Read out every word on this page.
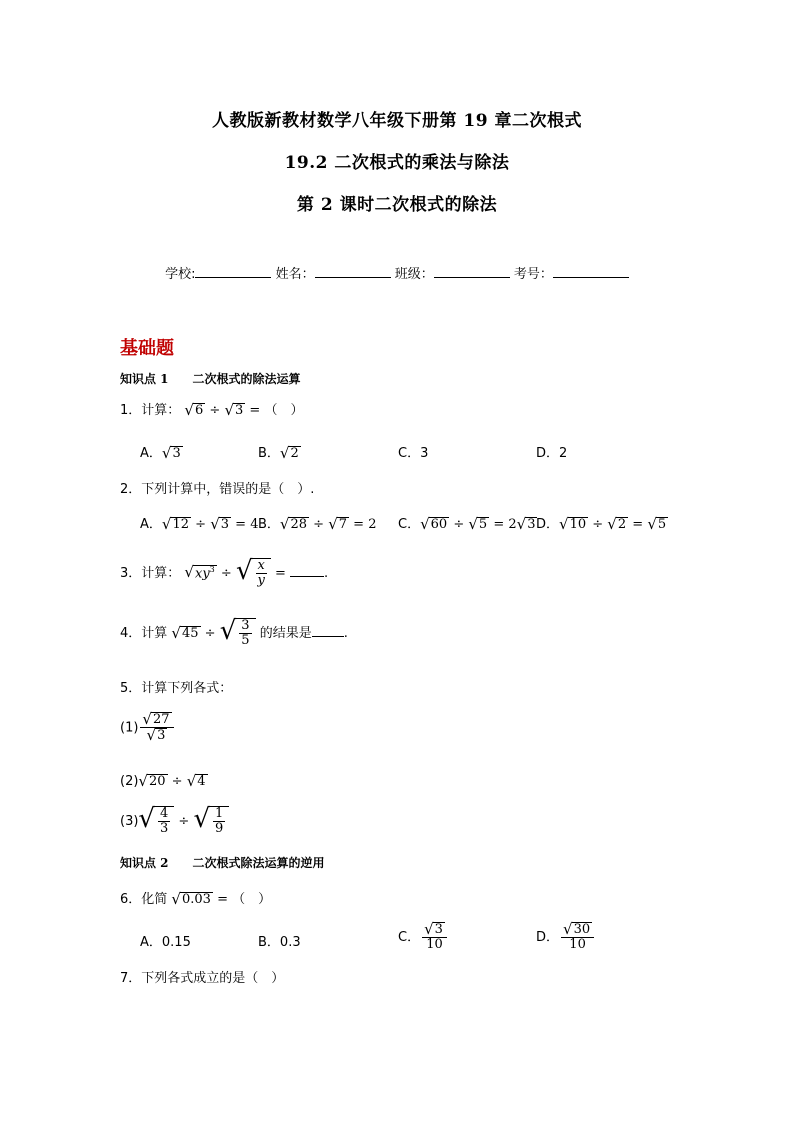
人教版新教材数学八年级下册第 19 章二次根式
19.2 二次根式的乘法与除法
第 2 课时二次根式的除法
学校:	姓名：	班级：	考号：
基础题
知识点 1 二次根式的除法运算
1．计算： √ 6 ÷ √ 3 = （　）
A． √ 3	B． √ 2	C．3	D．2
2．下列计算中，错误的是（　）.
A． √ 12 ÷ √ 3 = 4 B． √ 28 ÷ √ 7 = 2 C． √ 60 ÷ √ 5 = 2 √ 3 D． √ 10 ÷ √ 2 = √ 5
3．计算： √ $xy^3$ ÷ √ $\frac{x}{y}$ =	.
4．计算 √ 45 ÷ √ $\frac{3}{5}$ 的结果是 .
5．计算下列各式：
$(1) \frac{√ 27}{√ 3}$
(2) √ 20 ÷ √ 4
(3) √ $\frac{4}{3}$ ÷ √ $\frac{1}{9}$
知识点 2 二次根式除法运算的逆用
6．化简 √ 0.03 = （　）
A．0.15	B．0.3	C． $\frac{√ 3}{10}$	D． $\frac{√ 30}{10}$
7．下列各式成立的是（　）
